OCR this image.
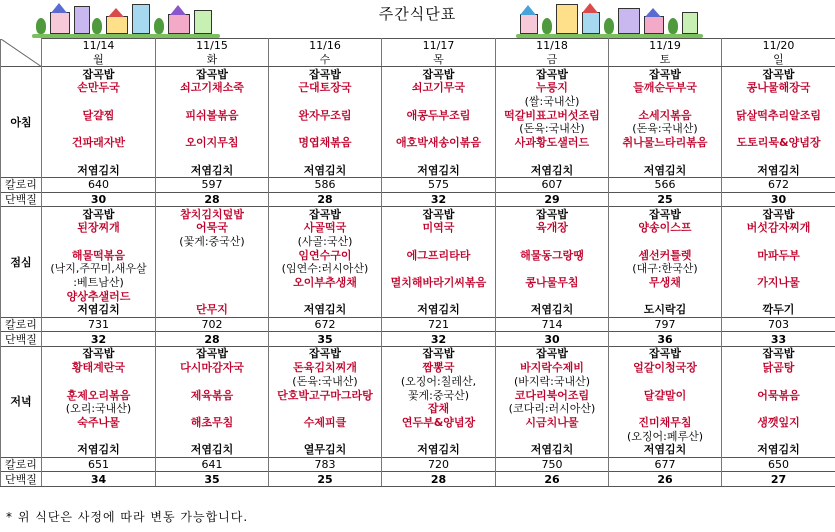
주간식단표
	11/14	11/15	11/16	11/17	11/18	11/19	11/20
	월	화	수	목	금	토	일
아침	잡곡밥	잡곡밥	잡곡밥	잡곡밥	잡곡밥	잡곡밥	잡곡밥
	손만두국	쇠고기채소죽	근대토장국	쇠고기무국	누룽지	들깨순두부국	콩나물해장국
					(쌀:국내산)		
	달걀찜	피쉬볼볶음	완자무조림	애콩두부조림	떡갈비표고버섯조림	소세지볶음	닭살떡추리알조림
					(돈육:국내산)	(돈육:국내산)	
	건파래자반	오이지무침	명엽채볶음	애호박새송이볶음	사과황도샐러드	취나물느타리볶음	도토리묵&양념장

	저염김치	저염김치	저염김치	저염김치	저염김치	저염김치	저염김치
칼로리	640	597	586	575	607	566	672
단백질	30	28	28	32	29	25	30
점심	잡곡밥	참치김치덮밥	잡곡밥	잡곡밥	잡곡밥	잡곡밥	잡곡밥
	된장찌개	어묵국	사골떡국	미역국	육개장	양송이스프	버섯감자찌개
		(꽃게:중국산)	(사골:국산)				
	해물떡볶음		임연수구이	에그프리타타	해물동그랑땡	셈선커틀렛	마파두부
	(낙지,주꾸미,새우살		(임연수:러시아산)			(대구:한국산)	
	:베트남산)		오이부추생채	멸치해바라기씨볶음	콩나물무침	무생채	가지나물
	양상추샐러드						
	저염김치	단무지	저염김치	저염김치	저염김치	도시락김	깍두기
칼로리	731	702	672	721	714	797	703
단백질	32	28	35	32	30	36	33
저녁	잡곡밥	잡곡밥	잡곡밥	잡곡밥	잡곡밥	잡곡밥	잡곡밥
	황태계란국	다시마감자국	돈육김치찌개	짬뽕국	바지락수제비	얼갈이청국장	닭곰탕
			(돈육:국내산)	(오징어:칠레산,	(바지락:국내산)		
	훈제오리볶음	제육볶음	단호박고구마그라탕	꽃게:중국산)	코다리북어조림	달걀말이	어묵볶음
	(오리:국내산)			잡채	(코다리:러시아산)		
	숙주나물	해초무침	수제피클	연두부&양념장	시금치나물	진미채무침	생깻잎지
						(오징어:페루산)	
	저염김치	저염김치	열무김치	저염김치	저염김치	저염김치	저염김치
칼로리	651	641	783	720	750	677	650
단백질	34	35	25	28	26	26	27
* 위 식단은 사정에 따라 변동 가능합니다.
